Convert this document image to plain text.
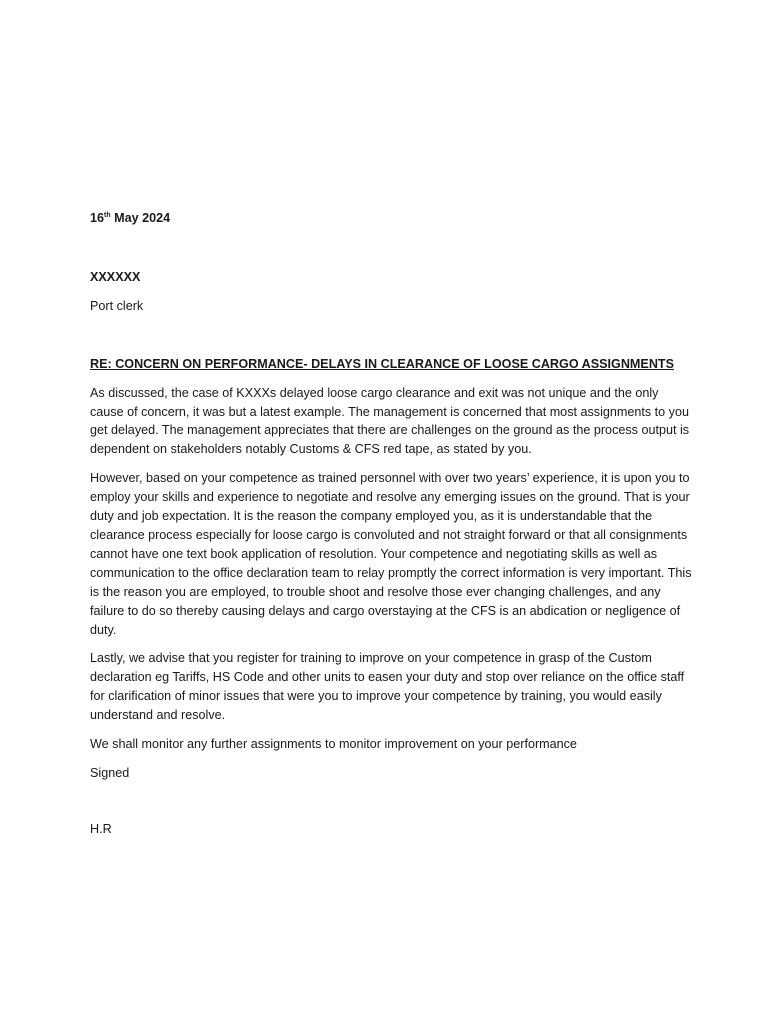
16th May 2024

XXXXXX

Port clerk

RE: CONCERN ON PERFORMANCE- DELAYS IN CLEARANCE OF LOOSE CARGO ASSIGNMENTS

As discussed, the case of KXXXs delayed loose cargo clearance and exit was not unique and the only cause of concern, it was but a latest example. The management is concerned that most assignments to you get delayed. The management appreciates that there are challenges on the ground as the process output is dependent on stakeholders notably Customs & CFS red tape, as stated by you.

However, based on your competence as trained personnel with over two years’ experience, it is upon you to employ your skills and experience to negotiate and resolve any emerging issues on the ground. That is your duty and job expectation. It is the reason the company employed you, as it is understandable that the clearance process especially for loose cargo is convoluted and not straight forward or that all consignments cannot have one text book application of resolution. Your competence and negotiating skills as well as communication to the office declaration team to relay promptly the correct information is very important. This is the reason you are employed, to trouble shoot and resolve those ever changing challenges, and any failure to do so thereby causing delays and cargo overstaying at the CFS is an abdication or negligence of duty.

Lastly, we advise that you register for training to improve on your competence in grasp of the Custom declaration eg Tariffs, HS Code and other units to easen your duty and stop over reliance on the office staff for clarification of minor issues that were you to improve your competence by training, you would easily understand and resolve.

We shall monitor any further assignments to monitor improvement on your performance

Signed

H.R
